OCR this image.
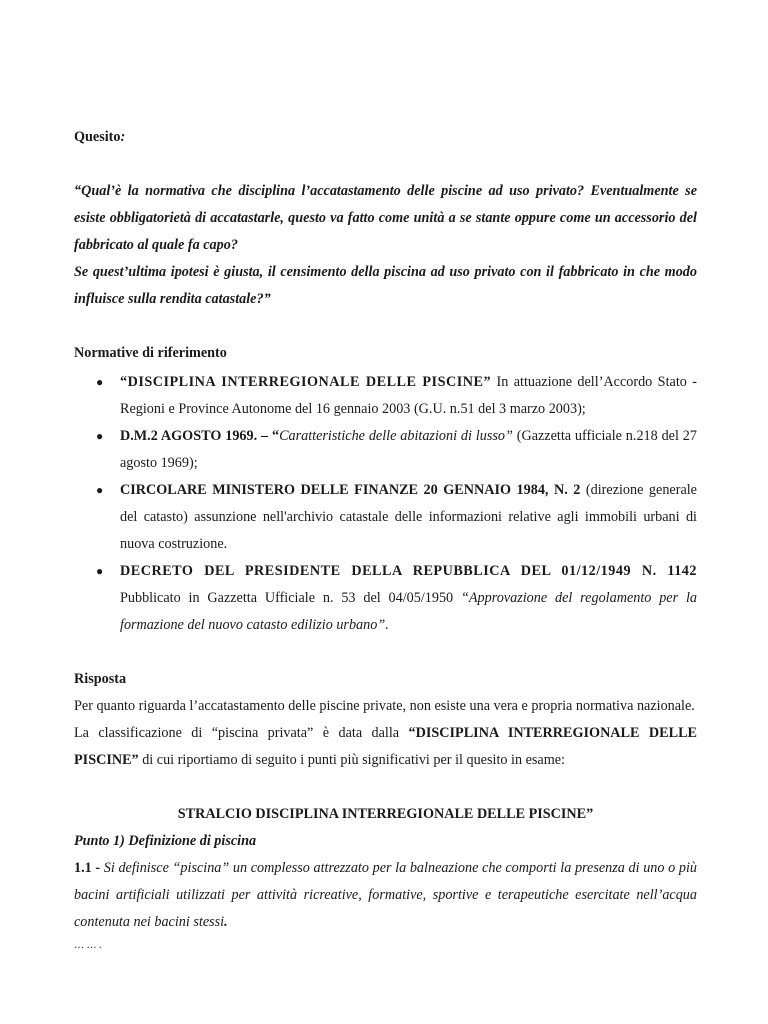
Quesito:

“Qual’è la normativa che disciplina l’accatastamento delle piscine ad uso privato? Eventualmente se esiste obbligatorietà di accatastarle, questo va fatto come unità a se stante oppure come un accessorio del fabbricato al quale fa capo?

Se quest’ultima ipotesi è giusta, il censimento della piscina ad uso privato con il fabbricato in che modo influisce sulla rendita catastale?”

Normative di riferimento

● “DISCIPLINA INTERREGIONALE DELLE PISCINE” In attuazione dell’Accordo Stato - Regioni e Province Autonome del 16 gennaio 2003 (G.U. n.51 del 3 marzo 2003);
● D.M.2 AGOSTO 1969. – “Caratteristiche delle abitazioni di lusso” (Gazzetta ufficiale n.218 del 27 agosto 1969);
● CIRCOLARE MINISTERO DELLE FINANZE 20 GENNAIO 1984, N. 2 (direzione generale del catasto) assunzione nell'archivio catastale delle informazioni relative agli immobili urbani di nuova costruzione.
● DECRETO DEL PRESIDENTE DELLA REPUBBLICA DEL 01/12/1949 N. 1142 Pubblicato in Gazzetta Ufficiale n. 53 del 04/05/1950 “Approvazione del regolamento per la formazione del nuovo catasto edilizio urbano”.

Risposta

Per quanto riguarda l’accatastamento delle piscine private, non esiste una vera e propria normativa nazionale.

La classificazione di “piscina privata” è data dalla “DISCIPLINA INTERREGIONALE DELLE PISCINE” di cui riportiamo di seguito i punti più significativi per il quesito in esame:

STRALCIO DISCIPLINA INTERREGIONALE DELLE PISCINE”

Punto 1) Definizione di piscina

1.1 - Si definisce “piscina” un complesso attrezzato per la balneazione che comporti la presenza di uno o più bacini artificiali utilizzati per attività ricreative, formative, sportive e terapeutiche esercitate nell’acqua contenuta nei bacini stessi.

… … .
